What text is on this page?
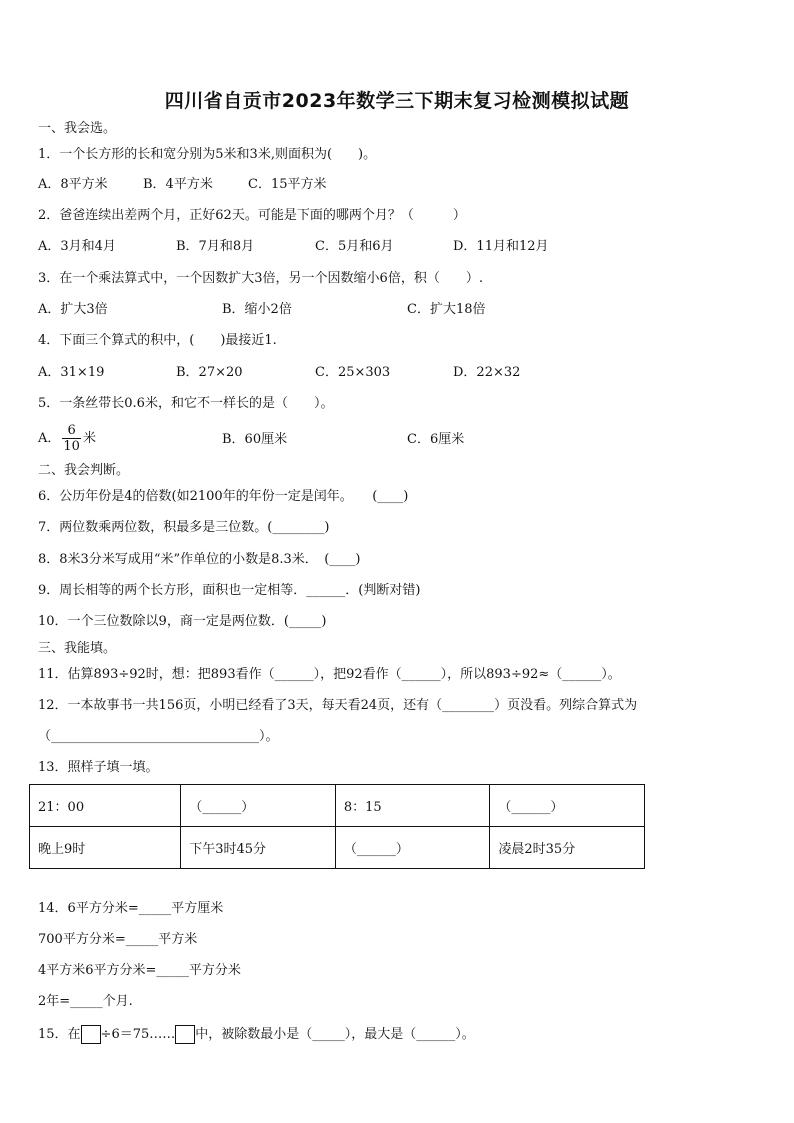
四川省自贡市2023年数学三下期末复习检测模拟试题
一、我会选。
1．一个长方形的长和宽分别为5米和3米,则面积为(　　)。
A．8平方米	B．4平方米	C．15平方米
2．爸爸连续出差两个月，正好62天。可能是下面的哪两个月？（　　　）
A．3月和4月	B．7月和8月	C．5月和6月	D．11月和12月
3．在一个乘法算式中，一个因数扩大3倍，另一个因数缩小6倍，积（　　）.
A．扩大3倍	B．缩小2倍	C．扩大18倍
4．下面三个算式的积中，(　　)最接近1.
A．31×19	B．27×20	C．25×303	D．22×32
5．一条丝带长0.6米，和它不一样长的是（　　）。
A． $\frac{6}{10}$ 米	B．60厘米	C．6厘米
二、我会判断。
6．公历年份是4的倍数(如2100年的年份一定是闰年。　　(____)
7．两位数乘两位数，积最多是三位数。(________)
8．8米3分米写成用“米”作单位的小数是8.3米．　(____)
9．周长相等的两个长方形，面积也一定相等．______．(判断对错)
10．一个三位数除以9，商一定是两位数．(_____)
三、我能填。
11．估算893÷92时，想：把893看作（______），把92看作（______），所以893÷92≈（______）。
12．一本故事书一共156页，小明已经看了3天，每天看24页，还有（________）页没看。列综合算式为
（________________________________）。
13．照样子填一填。
21：00	（______）	8：15	（______）
晚上9时	下午3时45分	（______）	凌晨2时35分
14．6平方分米=_____平方厘米
700平方分米=_____平方米
4平方米6平方分米=_____平方分米
2年=_____个月.
15．在 ÷6＝75…… 中，被除数最小是（_____），最大是（______）。
